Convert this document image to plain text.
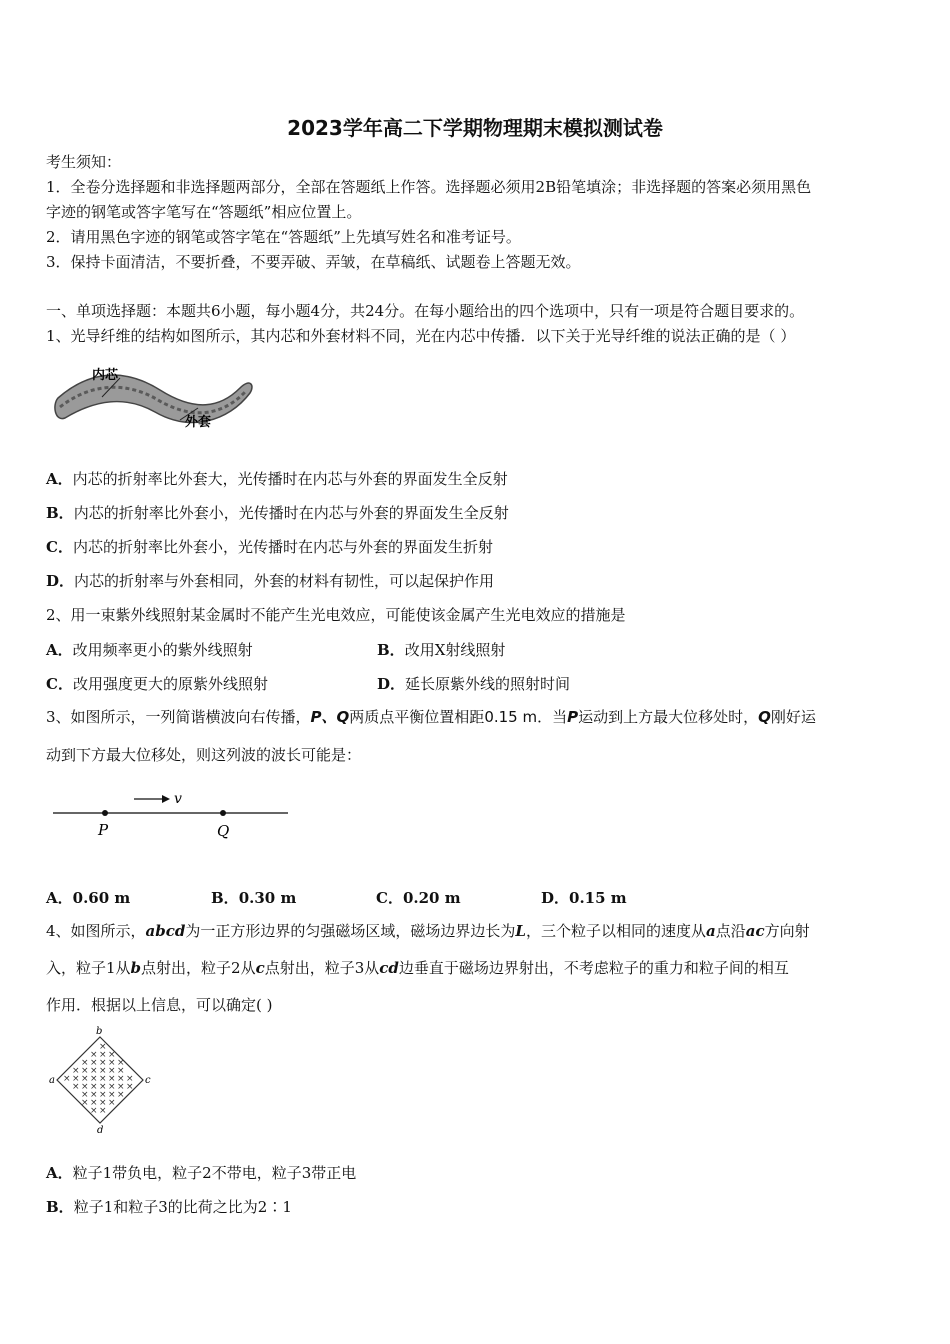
2023学年高二下学期物理期末模拟测试卷
考生须知：
1．全卷分选择题和非选择题两部分，全部在答题纸上作答。选择题必须用2B铅笔填涂；非选择题的答案必须用黑色
字迹的钢笔或答字笔写在“答题纸”相应位置上。
2．请用黑色字迹的钢笔或答字笔在“答题纸”上先填写姓名和准考证号。
3．保持卡面清洁，不要折叠，不要弄破、弄皱，在草稿纸、试题卷上答题无效。
一、单项选择题：本题共6小题，每小题4分，共24分。在每小题给出的四个选项中，只有一项是符合题目要求的。
1、光导纤维的结构如图所示，其内芯和外套材料不同，光在内芯中传播．以下关于光导纤维的说法正确的是（ ）
内芯
外套
A．内芯的折射率比外套大，光传播时在内芯与外套的界面发生全反射
B．内芯的折射率比外套小，光传播时在内芯与外套的界面发生全反射
C．内芯的折射率比外套小，光传播时在内芯与外套的界面发生折射
D．内芯的折射率与外套相同，外套的材料有韧性，可以起保护作用
2、用一束紫外线照射某金属时不能产生光电效应，可能使该金属产生光电效应的措施是
A．改用频率更小的紫外线照射	B．改用X射线照射
C．改用强度更大的原紫外线照射	D．延长原紫外线的照射时间
3、如图所示，一列简谐横波向右传播，P、Q两质点平衡位置相距0.15 m．当P运动到上方最大位移处时，Q刚好运
动到下方最大位移处，则这列波的波长可能是：
v
P	Q
A．0.60 m	B．0.30 m	C．0.20 m	D．0.15 m
4、如图所示，abcd为一正方形边界的匀强磁场区域，磁场边界边长为L，三个粒子以相同的速度从a点沿ac方向射
入，粒子1从b点射出，粒子2从c点射出，粒子3从cd边垂直于磁场边界射出，不考虑粒子的重力和粒子间的相互
作用．根据以上信息，可以确定( )
×
× × ×
× × × × ×
× × × × × ×
× × × × × × × ×
× × × × × × ×
× × × × ×
× × × ×
× ×
b
a	c
d
A．粒子1带负电，粒子2不带电，粒子3带正电
B．粒子1和粒子3的比荷之比为2∶1
